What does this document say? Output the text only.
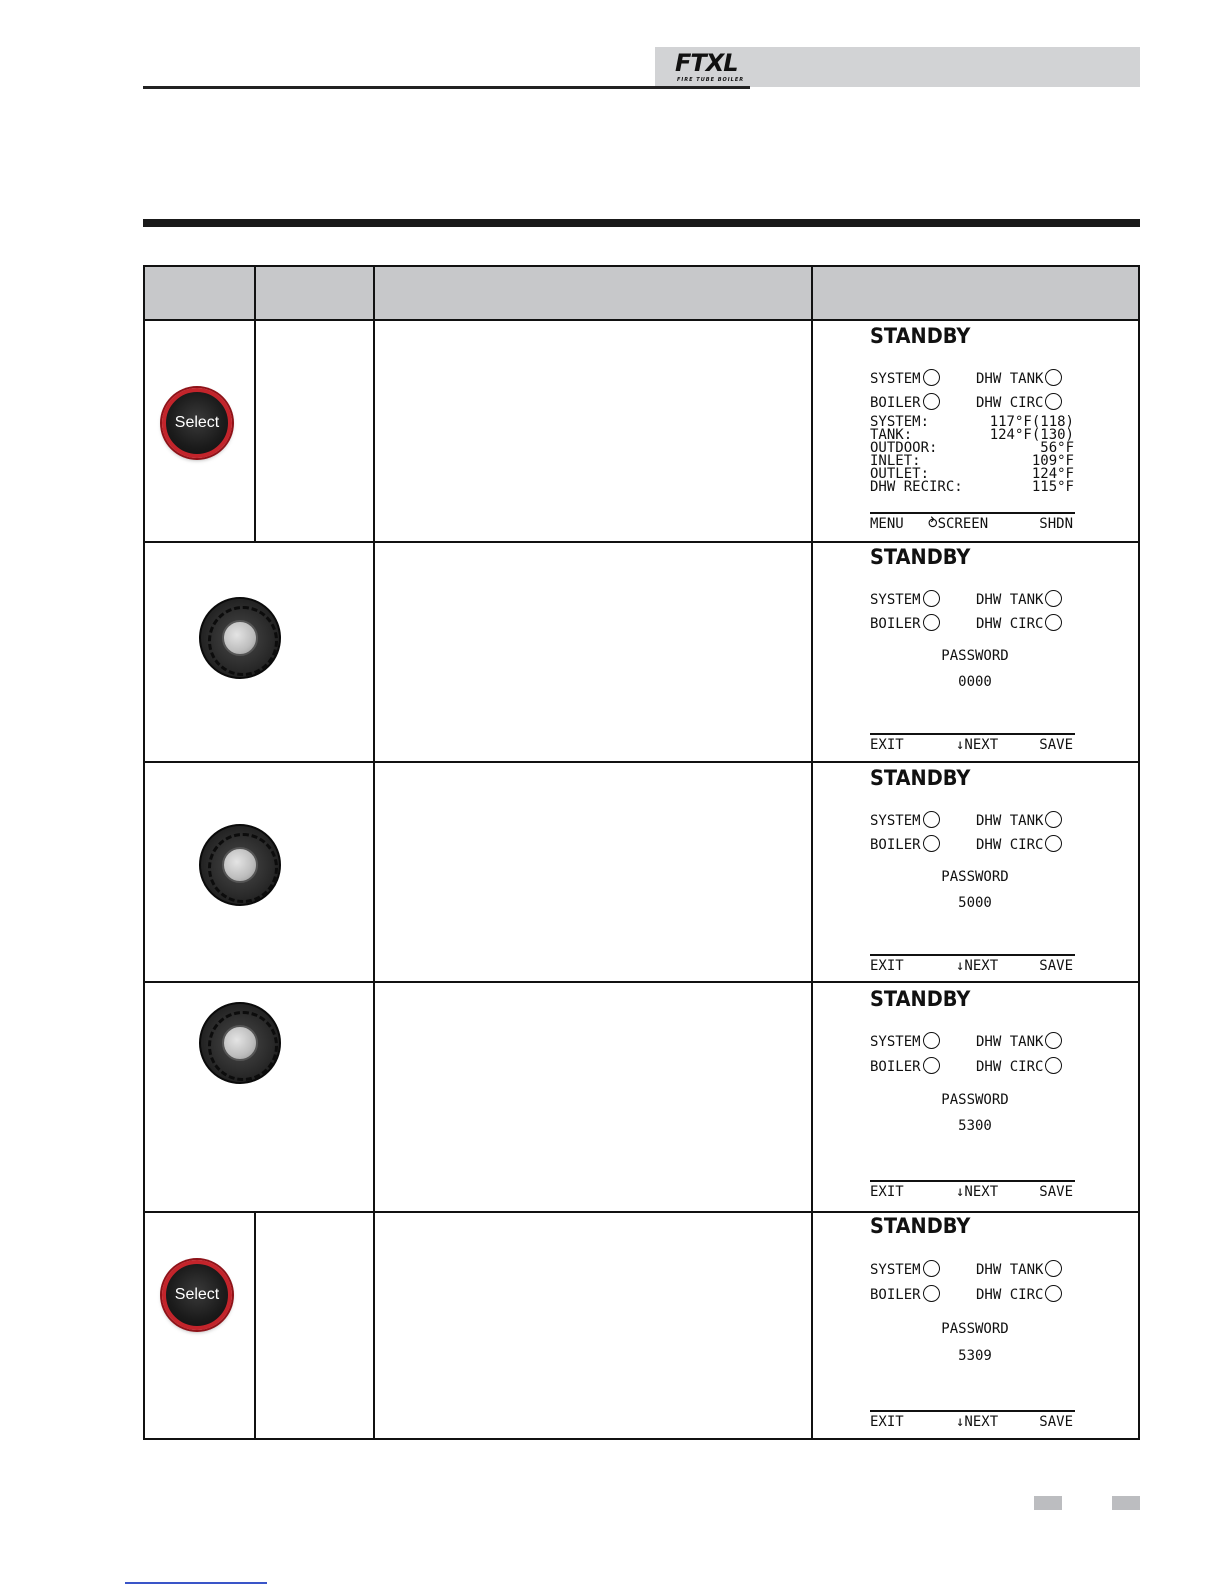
FTXL
FIRE TUBE BOILER
Select
Select
STANDBY
SYSTEM	DHW TANK
BOILER	DHW CIRC
SYSTEM:	117°F(118)
TANK:	124°F(130)
OUTDOOR:	56°F
INLET:	109°F
OUTLET:	124°F
DHW RECIRC:	115°F
MENU ⥁SCREEN	SHDN
STANDBY
SYSTEM	DHW TANK
BOILER	DHW CIRC
PASSWORD
0000
EXIT	↓NEXT	SAVE
STANDBY
SYSTEM	DHW TANK
BOILER	DHW CIRC
PASSWORD
5000
EXIT	↓NEXT	SAVE
STANDBY
SYSTEM	DHW TANK
BOILER	DHW CIRC
PASSWORD
5300
EXIT	↓NEXT	SAVE
STANDBY
SYSTEM	DHW TANK
BOILER	DHW CIRC
PASSWORD
5309
EXIT	↓NEXT	SAVE
